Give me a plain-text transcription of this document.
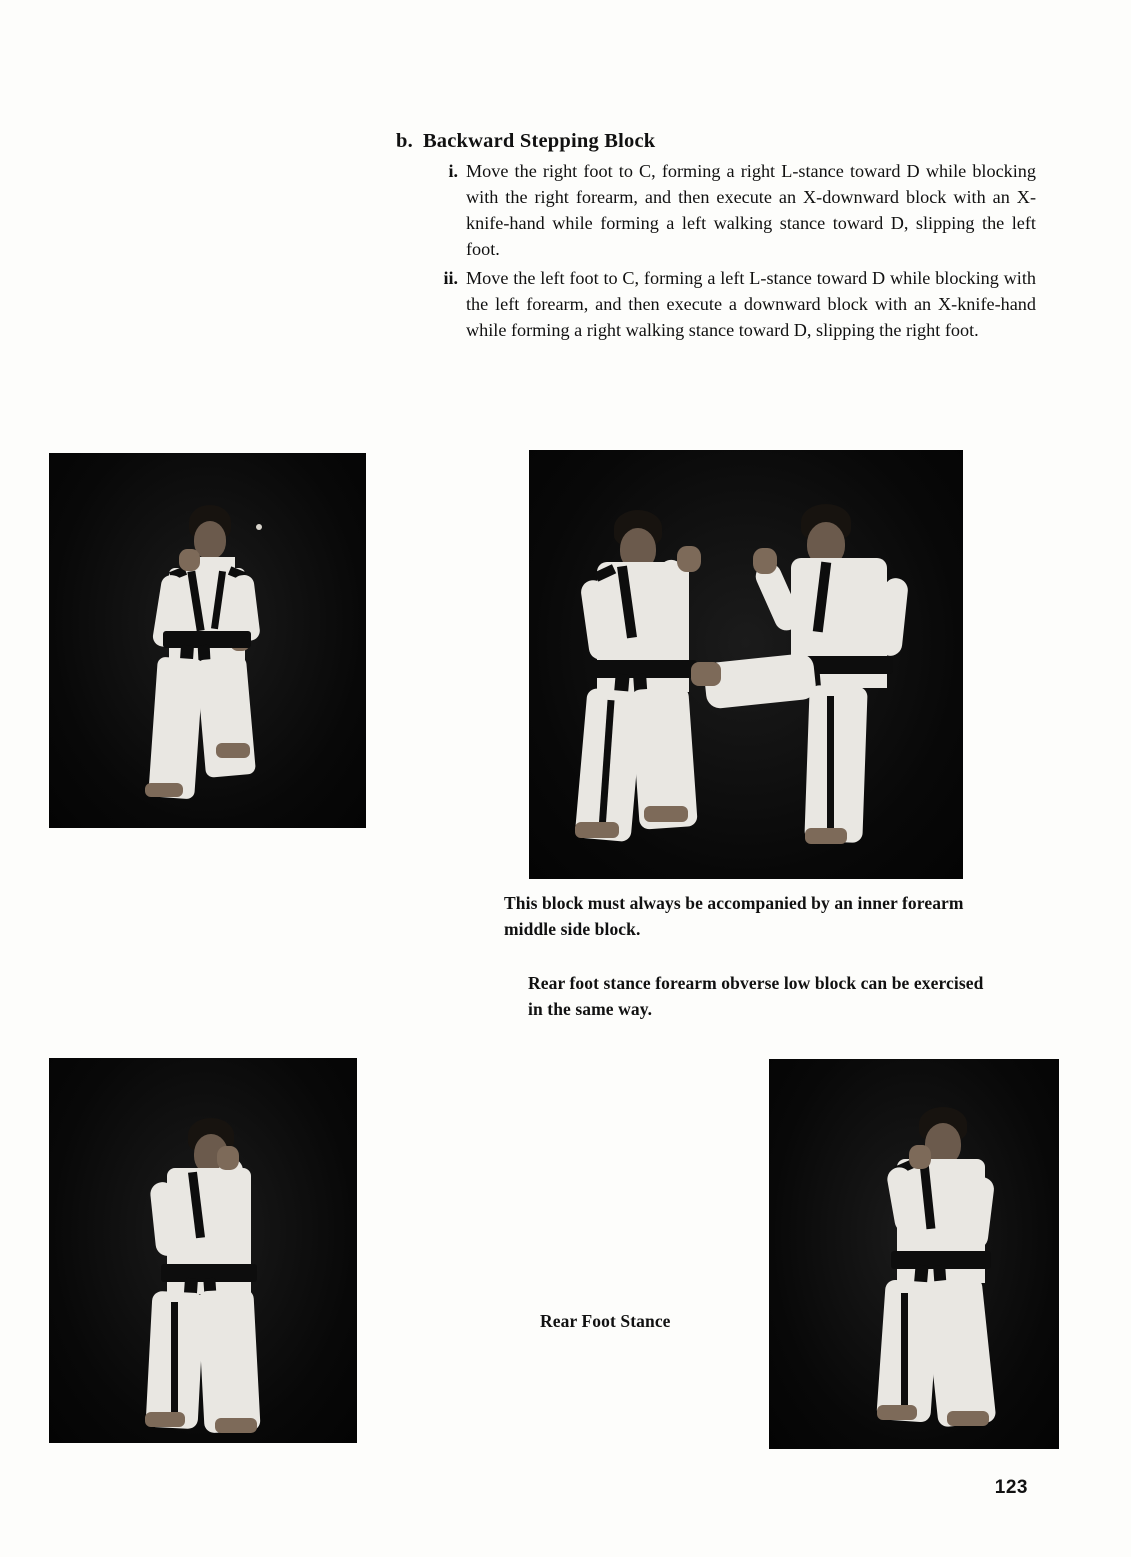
b. Backward Stepping Block
i. Move the right foot to C, forming a right L-stance toward D while blocking with the right forearm, and then execute an X-downward block with an X-knife-hand while forming a left walking stance toward D, slipping the left foot.
ii. Move the left foot to C, forming a left L-stance toward D while blocking with the left forearm, and then execute a downward block with an X-knife-hand while forming a right walking stance toward D, slipping the right foot.
This block must always be accompanied by an inner forearm middle side block.
Rear foot stance forearm obverse low block can be exercised in the same way.
Rear Foot Stance
123
